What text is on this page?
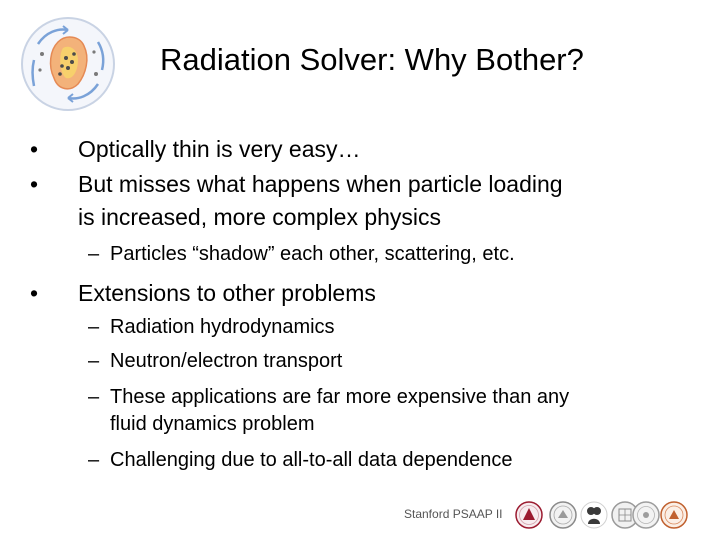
Radiation Solver: Why Bother?
• Optically thin is very easy…
• But misses what happens when particle loading
is increased, more complex physics
– Particles “shadow” each other, scattering, etc.
• Extensions to other problems
– Radiation hydrodynamics
– Neutron/electron transport
– These applications are far more expensive than any
fluid dynamics problem
– Challenging due to all-to-all data dependence
Stanford PSAAP II
